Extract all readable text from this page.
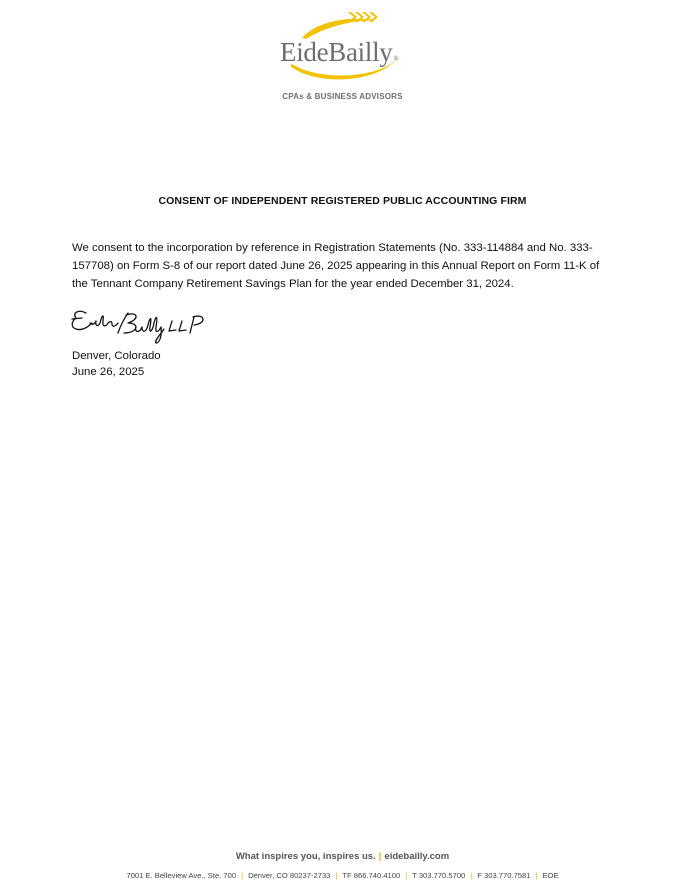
EideBailly®
CPAs & BUSINESS ADVISORS
CONSENT OF INDEPENDENT REGISTERED PUBLIC ACCOUNTING FIRM
We consent to the incorporation by reference in Registration Statements (No. 333-114884 and No. 333-
157708) on Form S-8 of our report dated June 26, 2025 appearing in this Annual Report on Form 11-K of
the Tennant Company Retirement Savings Plan for the year ended December 31, 2024.
Denver, Colorado
June 26, 2025
What inspires you, inspires us. | eidebailly.com
7001 E. Belleview Ave., Ste. 700 | Denver, CO 80237-2733 | TF 866.740.4100 | T 303.770.5700 | F 303.770.7581 | EOE
